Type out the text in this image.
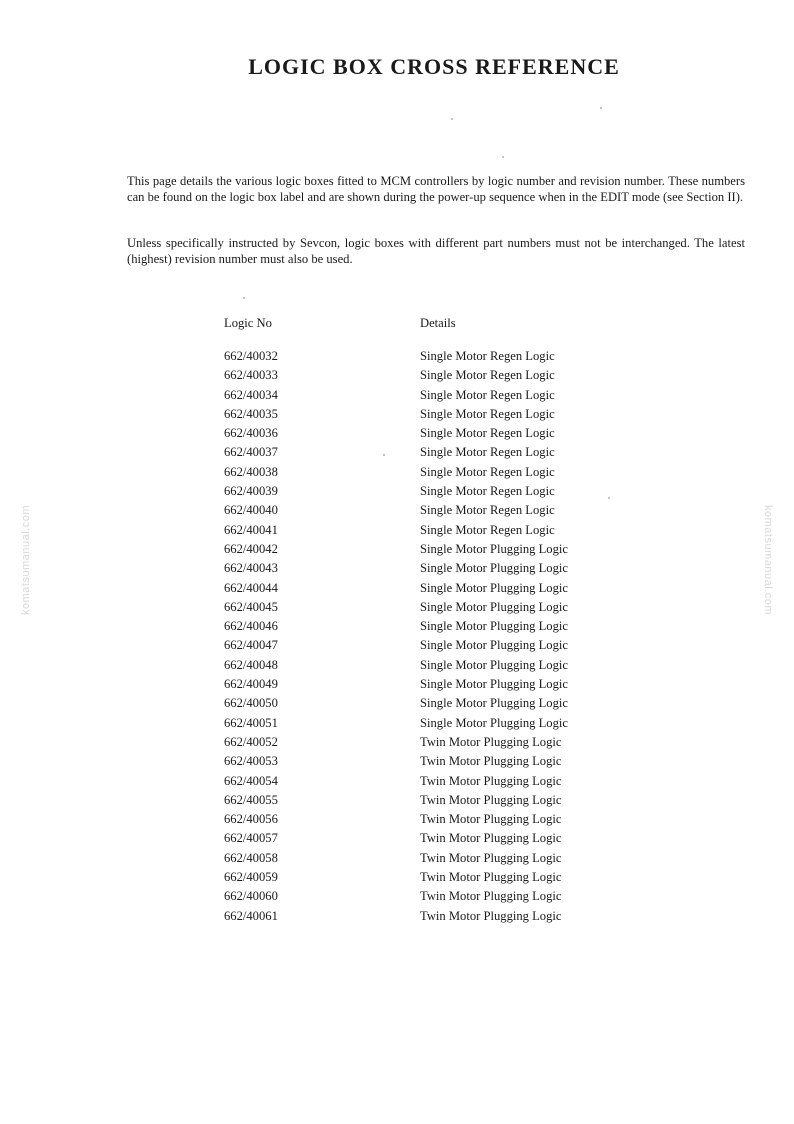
LOGIC BOX CROSS REFERENCE

This page details the various logic boxes fitted to MCM controllers by logic number and revision number. These numbers can be found on the logic box label and are shown during the power-up sequence when in the EDIT mode (see Section II).

Unless specifically instructed by Sevcon, logic boxes with different part numbers must not be interchanged. The latest (highest) revision number must also be used.

komatsumanual.com	komatsumanual.com
Logic No	Details
662/40032	Single Motor Regen Logic
662/40033	Single Motor Regen Logic
662/40034	Single Motor Regen Logic
662/40035	Single Motor Regen Logic
662/40036	Single Motor Regen Logic
662/40037	Single Motor Regen Logic
662/40038	Single Motor Regen Logic
662/40039	Single Motor Regen Logic
662/40040	Single Motor Regen Logic
662/40041	Single Motor Regen Logic
662/40042	Single Motor Plugging Logic
662/40043	Single Motor Plugging Logic
662/40044	Single Motor Plugging Logic
662/40045	Single Motor Plugging Logic
662/40046	Single Motor Plugging Logic
662/40047	Single Motor Plugging Logic
662/40048	Single Motor Plugging Logic
662/40049	Single Motor Plugging Logic
662/40050	Single Motor Plugging Logic
662/40051	Single Motor Plugging Logic
662/40052	Twin Motor Plugging Logic
662/40053	Twin Motor Plugging Logic
662/40054	Twin Motor Plugging Logic
662/40055	Twin Motor Plugging Logic
662/40056	Twin Motor Plugging Logic
662/40057	Twin Motor Plugging Logic
662/40058	Twin Motor Plugging Logic
662/40059	Twin Motor Plugging Logic
662/40060	Twin Motor Plugging Logic
662/40061	Twin Motor Plugging Logic
